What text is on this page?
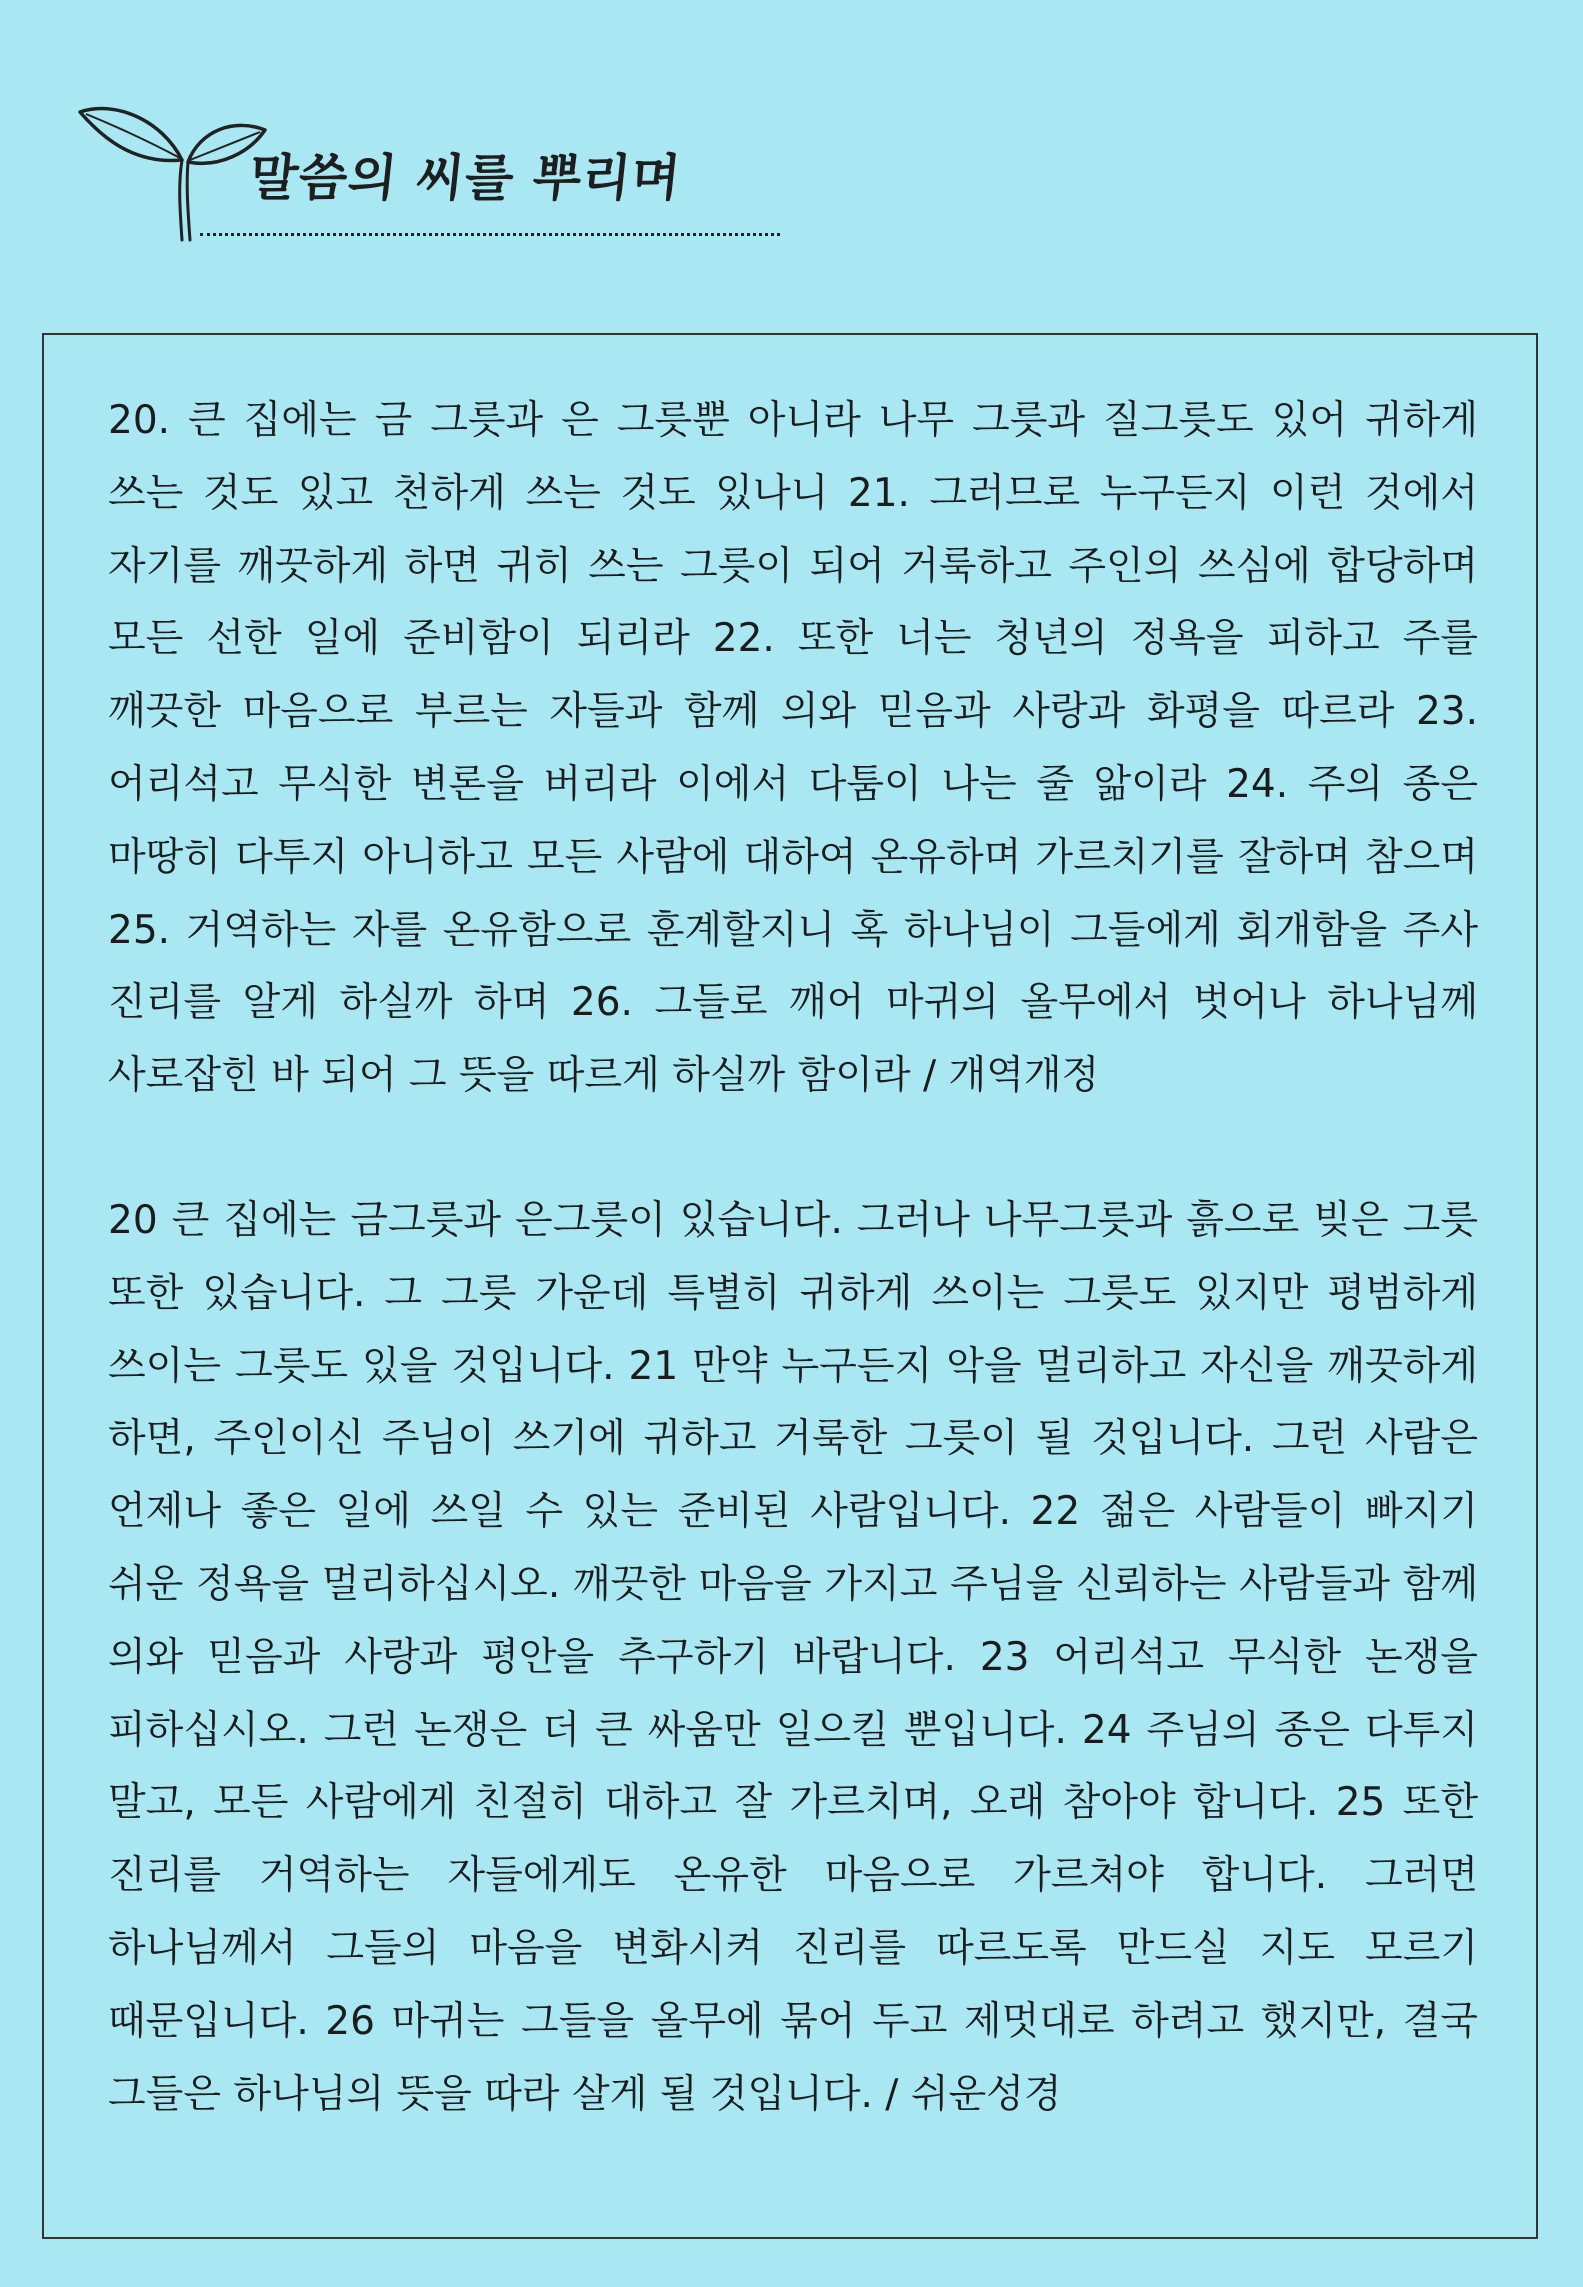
말씀의 씨를 뿌리며

20. 큰 집에는 금 그릇과 은 그릇뿐 아니라 나무 그릇과 질그릇도 있어 귀하게 쓰는 것도 있고 천하게 쓰는 것도 있나니 21. 그러므로 누구든지 이런 것에서 자기를 깨끗하게 하면 귀히 쓰는 그릇이 되어 거룩하고 주인의 쓰심에 합당하며 모든 선한 일에 준비함이 되리라 22. 또한 너는 청년의 정욕을 피하고 주를 깨끗한 마음으로 부르는 자들과 함께 의와 믿음과 사랑과 화평을 따르라 23. 어리석고 무식한 변론을 버리라 이에서 다툼이 나는 줄 앎이라 24. 주의 종은 마땅히 다투지 아니하고 모든 사람에 대하여 온유하며 가르치기를 잘하며 참으며 25. 거역하는 자를 온유함으로 훈계할지니 혹 하나님이 그들에게 회개함을 주사 진리를 알게 하실까 하며 26. 그들로 깨어 마귀의 올무에서 벗어나 하나님께 사로잡힌 바 되어 그 뜻을 따르게 하실까 함이라 / 개역개정

20 큰 집에는 금그릇과 은그릇이 있습니다. 그러나 나무그릇과 흙으로 빚은 그릇 또한 있습니다. 그 그릇 가운데 특별히 귀하게 쓰이는 그릇도 있지만 평범하게 쓰이는 그릇도 있을 것입니다. 21 만약 누구든지 악을 멀리하고 자신을 깨끗하게 하면, 주인이신 주님이 쓰기에 귀하고 거룩한 그릇이 될 것입니다. 그런 사람은 언제나 좋은 일에 쓰일 수 있는 준비된 사람입니다. 22 젊은 사람들이 빠지기 쉬운 정욕을 멀리하십시오. 깨끗한 마음을 가지고 주님을 신뢰하는 사람들과 함께 의와 믿음과 사랑과 평안을 추구하기 바랍니다. 23 어리석고 무식한 논쟁을 피하십시오. 그런 논쟁은 더 큰 싸움만 일으킬 뿐입니다. 24 주님의 종은 다투지 말고, 모든 사람에게 친절히 대하고 잘 가르치며, 오래 참아야 합니다. 25 또한 진리를 거역하는 자들에게도 온유한 마음으로 가르쳐야 합니다. 그러면 하나님께서 그들의 마음을 변화시켜 진리를 따르도록 만드실 지도 모르기 때문입니다. 26 마귀는 그들을 올무에 묶어 두고 제멋대로 하려고 했지만, 결국 그들은 하나님의 뜻을 따라 살게 될 것입니다. / 쉬운성경
